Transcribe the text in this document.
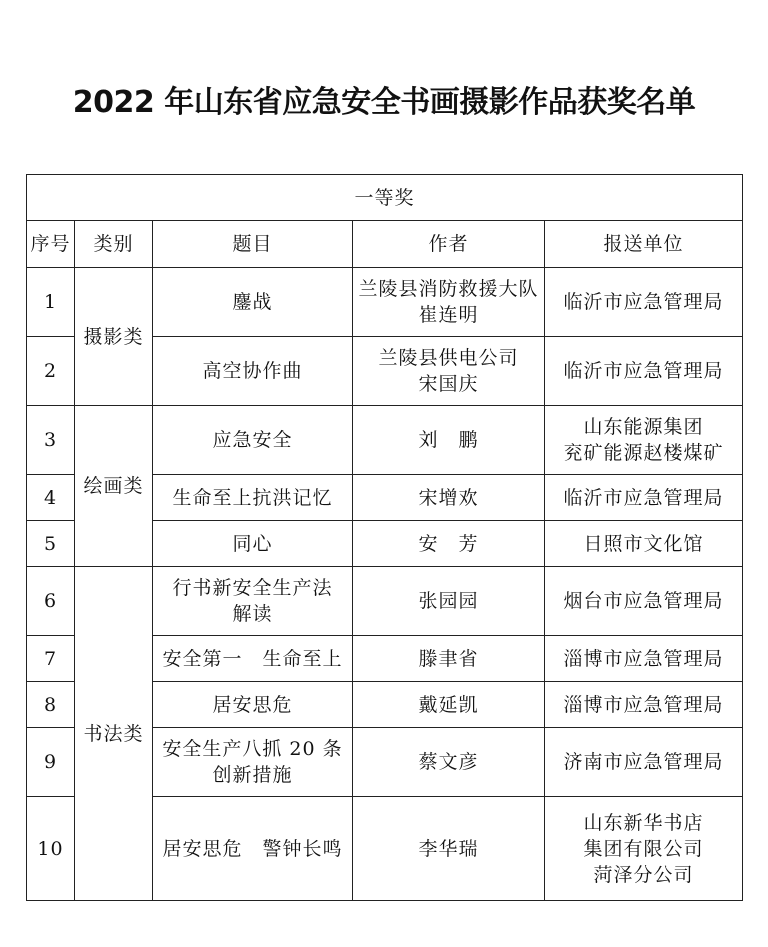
2022 年山东省应急安全书画摄影作品获奖名单
一等奖				
序号	类别	题目	作者	报送单位
1	摄影类	鏖战	兰陵县消防救援大队
崔连明	临沂市应急管理局

2		高空协作曲	兰陵县供电公司
宋国庆	临沂市应急管理局

3	绘画类	应急安全	刘　鹏	山东能源集团
兖矿能源赵楼煤矿

4		生命至上抗洪记忆	宋增欢	临沂市应急管理局

5		同心	安　芳	日照市文化馆

6	书法类	行书新安全生产法
解读	张园园	烟台市应急管理局

7		安全第一　生命至上	滕聿省	淄博市应急管理局

8		居安思危	戴延凯	淄博市应急管理局

9		安全生产八抓 20 条
创新措施	蔡文彦	济南市应急管理局

10		居安思危　警钟长鸣	李华瑞	山东新华书店
集团有限公司
菏泽分公司
